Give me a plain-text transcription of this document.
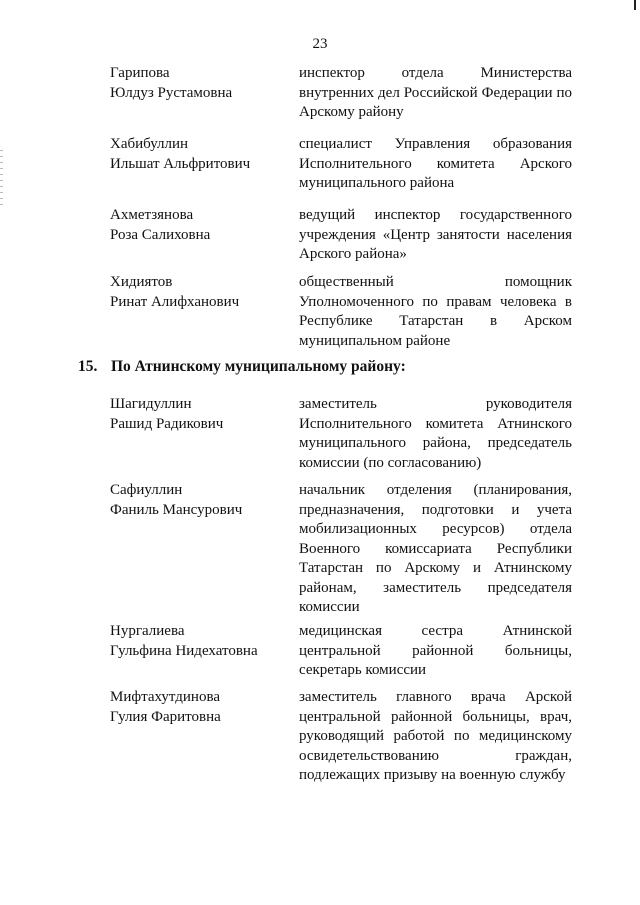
23
Гарипова
Юлдуз Рустамовна
инспектор отдела Министерства внутренних дел Российской Федерации по Арскому району
Хабибуллин
Ильшат Альфритович
специалист Управления образования Исполнительного комитета Арского муниципального района
Ахметзянова
Роза Салиховна
ведущий инспектор государственного учреждения «Центр занятости населения Арского района»
Хидиятов
Ринат Алифханович
общественный помощник Уполномоченного по правам человека в Республике Татарстан в Арском муниципальном районе
15. По Атнинскому муниципальному району:
Шагидуллин
Рашид Радикович
заместитель руководителя Исполнительного комитета Атнинского муниципального района, председатель комиссии (по согласованию)
Сафиуллин
Фаниль Мансурович
начальник отделения (планирования, предназначения, подготовки и учета мобилизационных ресурсов) отдела Военного комиссариата Республики Татарстан по Арскому и Атнинскому районам, заместитель председателя комиссии
Нургалиева
Гульфина Нидехатовна
медицинская сестра Атнинской центральной районной больницы, секретарь комиссии
Мифтахутдинова
Гулия Фаритовна
заместитель главного врача Арской центральной районной больницы, врач, руководящий работой по медицинскому освидетельствованию граждан, подлежащих призыву на военную службу
